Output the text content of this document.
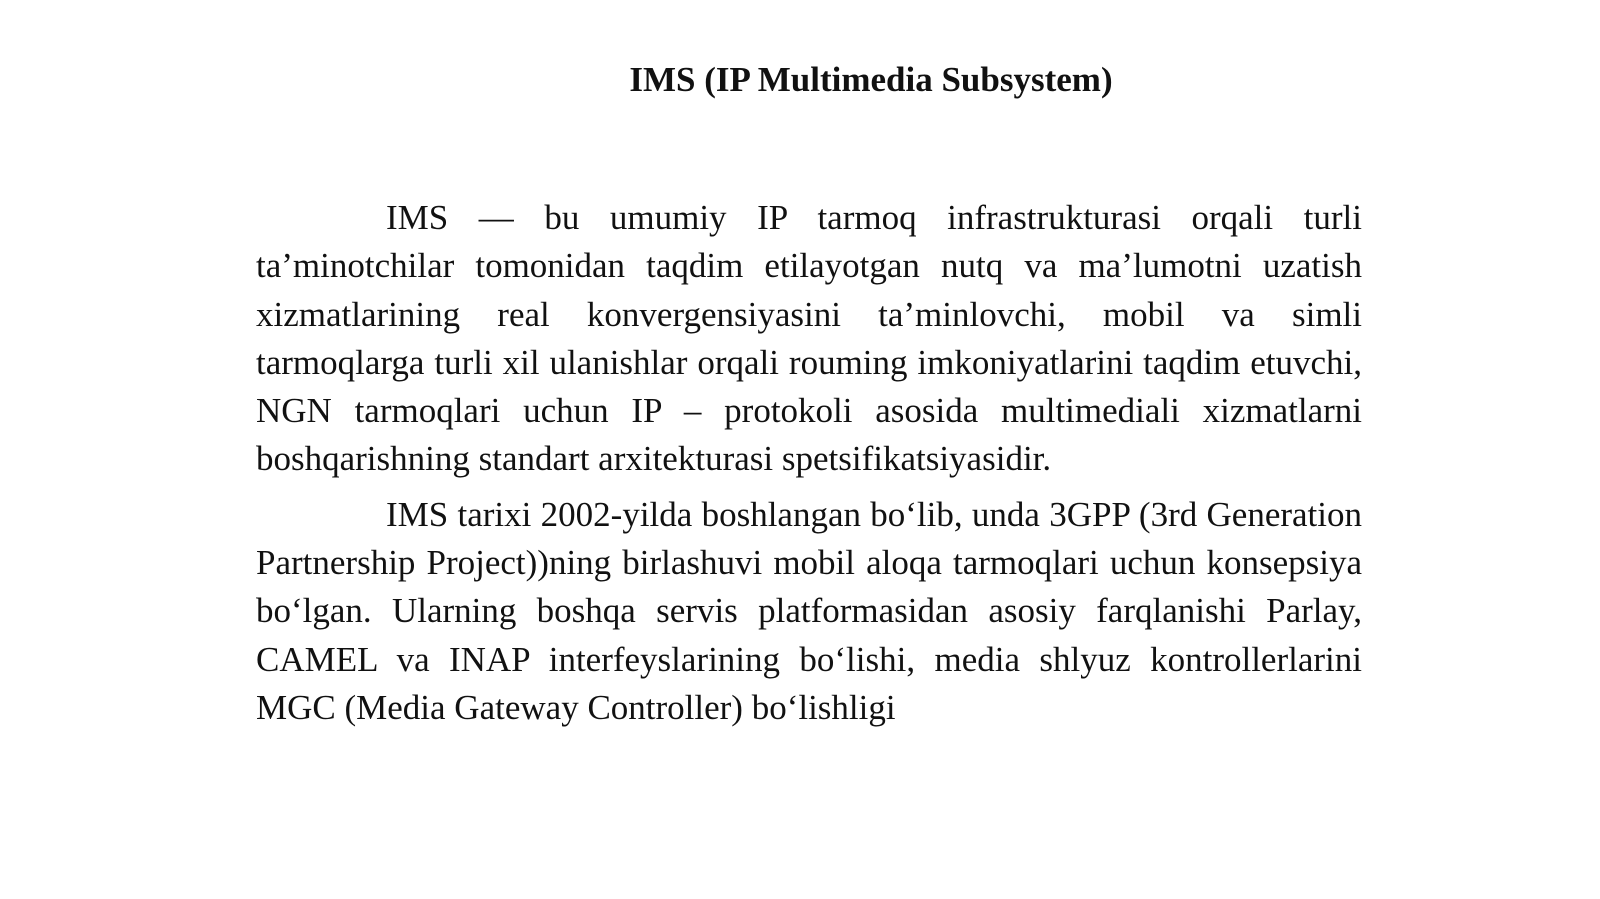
IMS (IP Multimedia Subsystem)

IMS — bu umumiy IP tarmoq infrastrukturasi orqali turli ta’minotchilar tomonidan taqdim etilayotgan nutq va ma’lumotni uzatish xizmatlarining real konvergensiyasini ta’minlovchi, mobil va simli tarmoqlarga turli xil ulanishlar orqali rouming imkoniyatlarini taqdim etuvchi, NGN tarmoqlari uchun IP – protokoli asosida multimediali xizmatlarni boshqarishning standart arxitekturasi spetsifikatsiyasidir.

IMS tarixi 2002-yilda boshlangan bo‘lib, unda 3GPP (3rd Generation Partnership Project))ning birlashuvi mobil aloqa tarmoqlari uchun konsepsiya bo‘lgan. Ularning boshqa servis platformasidan asosiy farqlanishi Parlay, CAMEL va INAP interfeyslarining bo‘lishi, media shlyuz kontrollerlarini MGC (Media Gateway Controller) bo‘lishligi
